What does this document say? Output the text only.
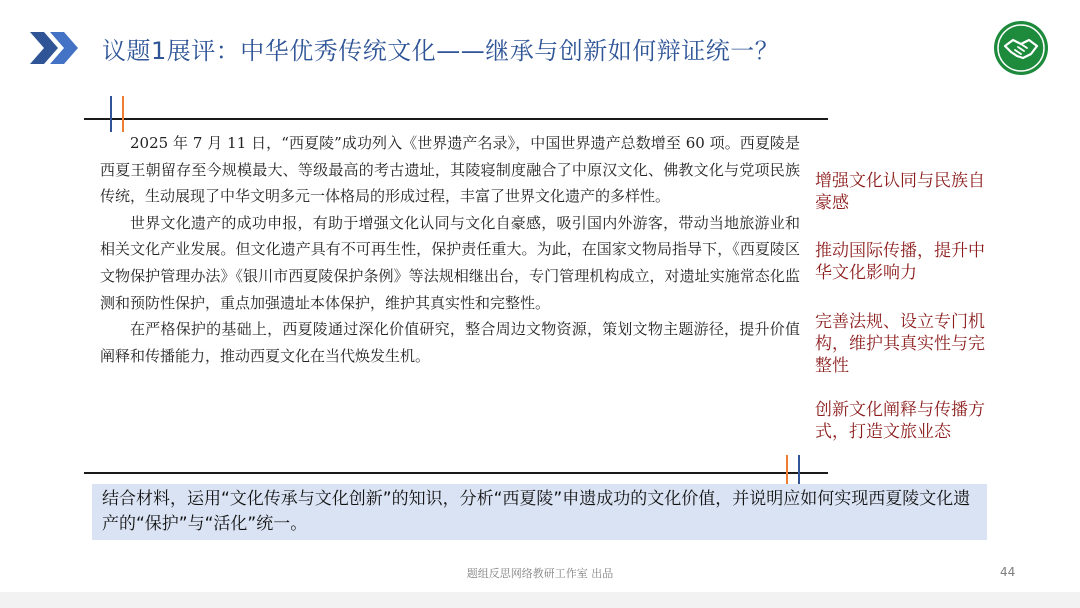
议题1展评：中华优秀传统文化——继承与创新如何辩证统一？

2025 年 7 月 11 日，“西夏陵”成功列入《世界遗产名录》，中国世界遗产总数增至 60 项。西夏陵是西夏王朝留存至今规模最大、等级最高的考古遗址，其陵寝制度融合了中原汉文化、佛教文化与党项民族传统，生动展现了中华文明多元一体格局的形成过程，丰富了世界文化遗产的多样性。

世界文化遗产的成功申报，有助于增强文化认同与文化自豪感，吸引国内外游客，带动当地旅游业和相关文化产业发展。但文化遗产具有不可再生性，保护责任重大。为此，在国家文物局指导下，《西夏陵区文物保护管理办法》《银川市西夏陵保护条例》等法规相继出台，专门管理机构成立，对遗址实施常态化监测和预防性保护，重点加强遗址本体保护，维护其真实性和完整性。

在严格保护的基础上，西夏陵通过深化价值研究，整合周边文物资源，策划文物主题游径，提升价值阐释和传播能力，推动西夏文化在当代焕发生机。

增强文化认同与民族自豪感

推动国际传播，提升中华文化影响力

完善法规、设立专门机构，维护其真实性与完整性

创新文化阐释与传播方式，打造文旅业态

结合材料，运用“文化传承与文化创新”的知识，分析“西夏陵”申遗成功的文化价值，并说明应如何实现西夏陵文化遗产的“保护”与“活化”统一。
题组反思网络教研工作室 出品	44
